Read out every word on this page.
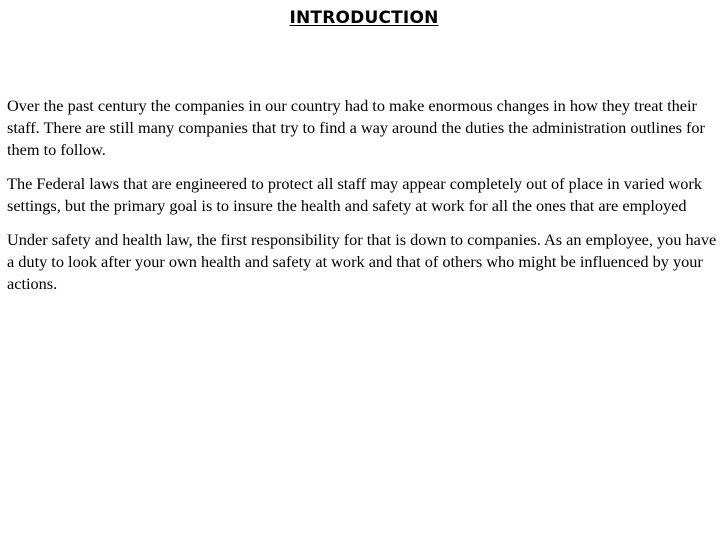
INTRODUCTION

Over the past century the companies in our country had to make enormous changes in how they treat their staff. There are still many companies that try to find a way around the duties the administration outlines for them to follow.

The Federal laws that are engineered to protect all staff may appear completely out of place in varied work settings, but the primary goal is to insure the health and safety at work for all the ones that are employed

Under safety and health law, the first responsibility for that is down to companies. As an employee, you have a duty to look after your own health and safety at work and that of others who might be influenced by your actions.
